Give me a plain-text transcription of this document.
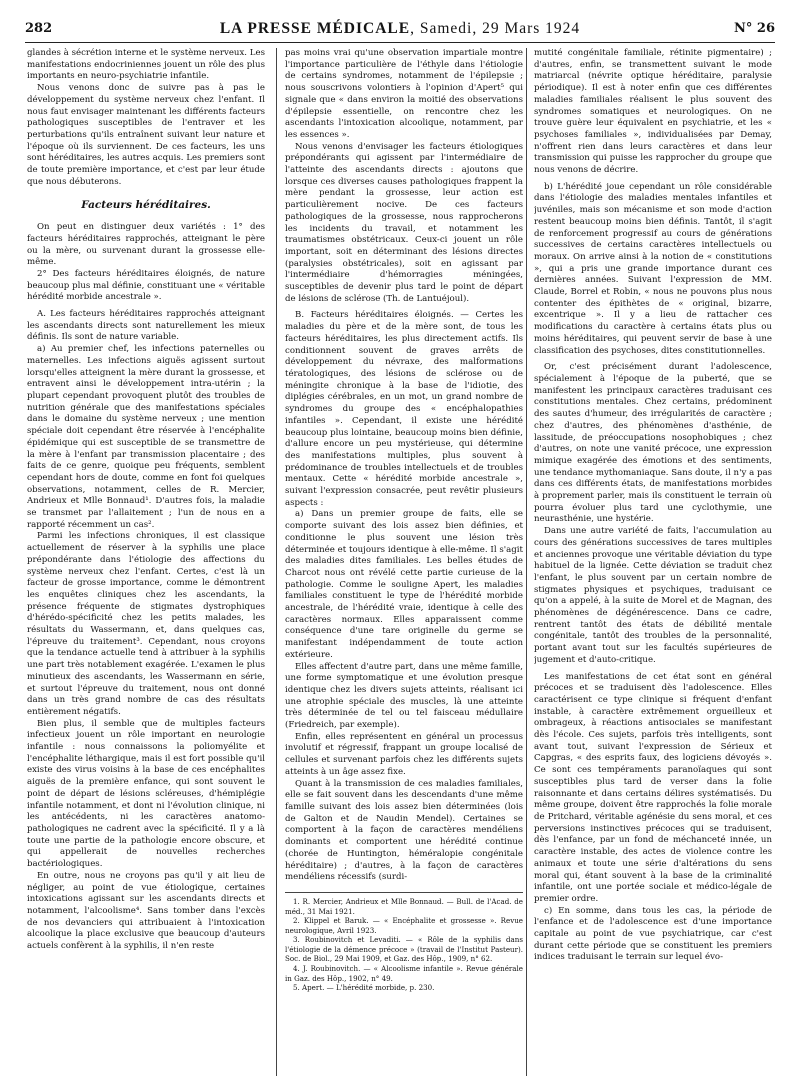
282	LA PRESSE MÉDICALE, Samedi, 29 Mars 1924	N° 26

glandes à sécrétion interne et le système nerveux. Les manifestations endocriniennes jouent un rôle des plus importants en neuro-psychiatrie infantile.

Nous venons donc de suivre pas à pas le développement du système nerveux chez l'enfant. Il nous faut envisager maintenant les différents facteurs pathologiques susceptibles de l'entraver et les perturbations qu'ils entraînent suivant leur nature et l'époque où ils surviennent. De ces facteurs, les uns sont héréditaires, les autres acquis. Les premiers sont de toute première importance, et c'est par leur étude que nous débuterons.

Facteurs héréditaires.

On peut en distinguer deux variétés : 1° des facteurs héréditaires rapprochés, atteignant le père ou la mère, ou survenant durant la grossesse elle-même.

2° Des facteurs héréditaires éloignés, de nature beaucoup plus mal définie, constituant une « véritable hérédité morbide ancestrale ».

A. Les facteurs héréditaires rapprochés atteignant les ascendants directs sont naturellement les mieux définis. Ils sont de nature variable.

a) Au premier chef, les infections paternelles ou maternelles. Les infections aiguës agissent surtout lorsqu'elles atteignent la mère durant la grossesse, et entravent ainsi le développement intra-utérin ; la plupart cependant provoquent plutôt des troubles de nutrition générale que des manifestations spéciales dans le domaine du système nerveux ; une mention spéciale doit cependant être réservée à l'encéphalite épidémique qui est susceptible de se transmettre de la mère à l'enfant par transmission placentaire ; des faits de ce genre, quoique peu fréquents, semblent cependant hors de doute, comme en font foi quelques observations, notamment, celles de R. Mercier, Andrieux et Mlle Bonnaud¹. D'autres fois, la maladie se transmet par l'allaitement ; l'un de nous en a rapporté récemment un cas².

Parmi les infections chroniques, il est classique actuellement de réserver à la syphilis une place prépondérante dans l'étiologie des affections du système nerveux chez l'enfant. Certes, c'est là un facteur de grosse importance, comme le démontrent les enquêtes cliniques chez les ascendants, la présence fréquente de stigmates dystrophiques d'hérédo-spécificité chez les petits malades, les résultats du Wassermann, et, dans quelques cas, l'épreuve du traitement³. Cependant, nous croyons que la tendance actuelle tend à attribuer à la syphilis une part très notablement exagérée. L'examen le plus minutieux des ascendants, les Wassermann en série, et surtout l'épreuve du traitement, nous ont donné dans un très grand nombre de cas des résultats entièrement négatifs.

Bien plus, il semble que de multiples facteurs infectieux jouent un rôle important en neurologie infantile : nous connaissons la poliomyélite et l'encéphalite léthargique, mais il est fort possible qu'il existe des virus voisins à la base de ces encéphalites aiguës de la première enfance, qui sont souvent le point de départ de lésions scléreuses, d'hémiplégie infantile notamment, et dont ni l'évolution clinique, ni les antécédents, ni les caractères anatomo-pathologiques ne cadrent avec la spécificité. Il y a là toute une partie de la pathologie encore obscure, et qui appellerait de nouvelles recherches bactériologiques.

En outre, nous ne croyons pas qu'il y ait lieu de négliger, au point de vue étiologique, certaines intoxications agissant sur les ascendants directs et notamment, l'alcoolisme⁴. Sans tomber dans l'excès de nos devanciers qui attribuaient à l'intoxication alcoolique la place exclusive que beaucoup d'auteurs actuels confèrent à la syphilis, il n'en reste

pas moins vrai qu'une observation impartiale montre l'importance particulière de l'éthyle dans l'étiologie de certains syndromes, notamment de l'épilepsie ; nous souscrivons volontiers à l'opinion d'Apert⁵ qui signale que « dans environ la moitié des observations d'épilepsie essentielle, on rencontre chez les ascendants l'intoxication alcoolique, notamment, par les essences ».

Nous venons d'envisager les facteurs étiologiques prépondérants qui agissent par l'intermédiaire de l'atteinte des ascendants directs : ajoutons que lorsque ces diverses causes pathologiques frappent la mère pendant la grossesse, leur action est particulièrement nocive. De ces facteurs pathologiques de la grossesse, nous rapprocherons les incidents du travail, et notamment les traumatismes obstétricaux. Ceux-ci jouent un rôle important, soit en déterminant des lésions directes (paralysies obstétricales), soit en agissant par l'intermédiaire d'hémorragies méningées, susceptibles de devenir plus tard le point de départ de lésions de sclérose (Th. de Lantuéjoul).

B. Facteurs héréditaires éloignés. — Certes les maladies du père et de la mère sont, de tous les facteurs héréditaires, les plus directement actifs. Ils conditionnent souvent de graves arrêts de développement du névraxe, des malformations tératologiques, des lésions de sclérose ou de méningite chronique à la base de l'idiotie, des diplégies cérébrales, en un mot, un grand nombre de syndromes du groupe des « encéphalopathies infantiles ». Cependant, il existe une hérédité beaucoup plus lointaine, beaucoup moins bien définie, d'allure encore un peu mystérieuse, qui détermine des manifestations multiples, plus souvent à prédominance de troubles intellectuels et de troubles mentaux. Cette « hérédité morbide ancestrale », suivant l'expression consacrée, peut revêtir plusieurs aspects :

a) Dans un premier groupe de faits, elle se comporte suivant des lois assez bien définies, et conditionne le plus souvent une lésion très déterminée et toujours identique à elle-même. Il s'agit des maladies dites familiales. Les belles études de Charcot nous ont révélé cette partie curieuse de la pathologie. Comme le souligne Apert, les maladies familiales constituent le type de l'hérédité morbide ancestrale, de l'hérédité vraie, identique à celle des caractères normaux. Elles apparaissent comme conséquence d'une tare originelle du germe se manifestant indépendamment de toute action extérieure.

Elles affectent d'autre part, dans une même famille, une forme symptomatique et une évolution presque identique chez les divers sujets atteints, réalisant ici une atrophie spéciale des muscles, là une atteinte très déterminée de tel ou tel faisceau médullaire (Friedreich, par exemple).

Enfin, elles représentent en général un processus involutif et régressif, frappant un groupe localisé de cellules et survenant parfois chez les différents sujets atteints à un âge assez fixe.

Quant à la transmission de ces maladies familiales, elle se fait souvent dans les descendants d'une même famille suivant des lois assez bien déterminées (lois de Galton et de Naudin Mendel). Certaines se comportent à la façon de caractères mendéliens dominants et comportent une hérédité continue (chorée de Huntington, héméralopie congénitale héréditaire) ; d'autres, à la façon de caractères mendéliens récessifs (surdi-

1. R. Mercier, Andrieux et Mlle Bonnaud. — Bull. de l'Acad. de méd., 31 Mai 1921.

2. Klippel et Baruk. — « Encéphalite et grossesse ». Revue neurologique, Avril 1923.

3. Roubinovitch et Levaditi. — « Rôle de la syphilis dans l'étiologie de la démence précoce » (travail de l'Institut Pasteur). Soc. de Biol., 29 Mai 1909, et Gaz. des Hôp., 1909, n° 62.

4. J. Roubinovitch. — « Alcoolisme infantile ». Revue générale in Gaz. des Hôp., 1902, n° 49.

5. Apert. — L'hérédité morbide, p. 230.

mutité congénitale familiale, rétinite pigmentaire) ; d'autres, enfin, se transmettent suivant le mode matriarcal (névrite optique héréditaire, paralysie périodique). Il est à noter enfin que ces différentes maladies familiales réalisent le plus souvent des syndromes somatiques et neurologiques. On ne trouve guère leur équivalent en psychiatrie, et les « psychoses familiales », individualisées par Demay, n'offrent rien dans leurs caractères et dans leur transmission qui puisse les rapprocher du groupe que nous venons de décrire.

b) L'hérédité joue cependant un rôle considérable dans l'étiologie des maladies mentales infantiles et juvéniles, mais son mécanisme et son mode d'action restent beaucoup moins bien définis. Tantôt, il s'agit de renforcement progressif au cours de générations successives de certains caractères intellectuels ou moraux. On arrive ainsi à la notion de « constitutions », qui a pris une grande importance durant ces dernières années. Suivant l'expression de MM. Claude, Borrel et Robin, « nous ne pouvons plus nous contenter des épithètes de « original, bizarre, excentrique ». Il y a lieu de rattacher ces modifications du caractère à certains états plus ou moins héréditaires, qui peuvent servir de base à une classification des psychoses, dites constitutionnelles.

Or, c'est précisément durant l'adolescence, spécialement à l'époque de la puberté, que se manifestent les principaux caractères traduisant ces constitutions mentales. Chez certains, prédominent des sautes d'humeur, des irrégularités de caractère ; chez d'autres, des phénomènes d'asthénie, de lassitude, de préoccupations nosophobiques ; chez d'autres, on note une vanité précoce, une expression mimique exagérée des émotions et des sentiments, une tendance mythomaniaque. Sans doute, il n'y a pas dans ces différents états, de manifestations morbides à proprement parler, mais ils constituent le terrain où pourra évoluer plus tard une cyclothymie, une neurasthénie, une hystérie.

Dans une autre variété de faits, l'accumulation au cours des générations successives de tares multiples et anciennes provoque une véritable déviation du type habituel de la lignée. Cette déviation se traduit chez l'enfant, le plus souvent par un certain nombre de stigmates physiques et psychiques, traduisant ce qu'on a appelé, à la suite de Morel et de Magnan, des phénomènes de dégénérescence. Dans ce cadre, rentrent tantôt des états de débilité mentale congénitale, tantôt des troubles de la personnalité, portant avant tout sur les facultés supérieures de jugement et d'auto-critique.

Les manifestations de cet état sont en général précoces et se traduisent dès l'adolescence. Elles caractérisent ce type clinique si fréquent d'enfant instable, à caractère extrêmement orgueilleux et ombrageux, à réactions antisociales se manifestant dès l'école. Ces sujets, parfois très intelligents, sont avant tout, suivant l'expression de Sérieux et Capgras, « des esprits faux, des logiciens dévoyés ». Ce sont ces tempéraments paranoïaques qui sont susceptibles plus tard de verser dans la folie raisonnante et dans certains délires systématisés. Du même groupe, doivent être rapprochés la folie morale de Pritchard, véritable agénésie du sens moral, et ces perversions instinctives précoces qui se traduisent, dès l'enfance, par un fond de méchanceté innée, un caractère instable, des actes de violence contre les animaux et toute une série d'altérations du sens moral qui, étant souvent à la base de la criminalité infantile, ont une portée sociale et médico-légale de premier ordre.

c) En somme, dans tous les cas, la période de l'enfance et de l'adolescence est d'une importance capitale au point de vue psychiatrique, car c'est durant cette période que se constituent les premiers indices traduisant le terrain sur lequel évo-
